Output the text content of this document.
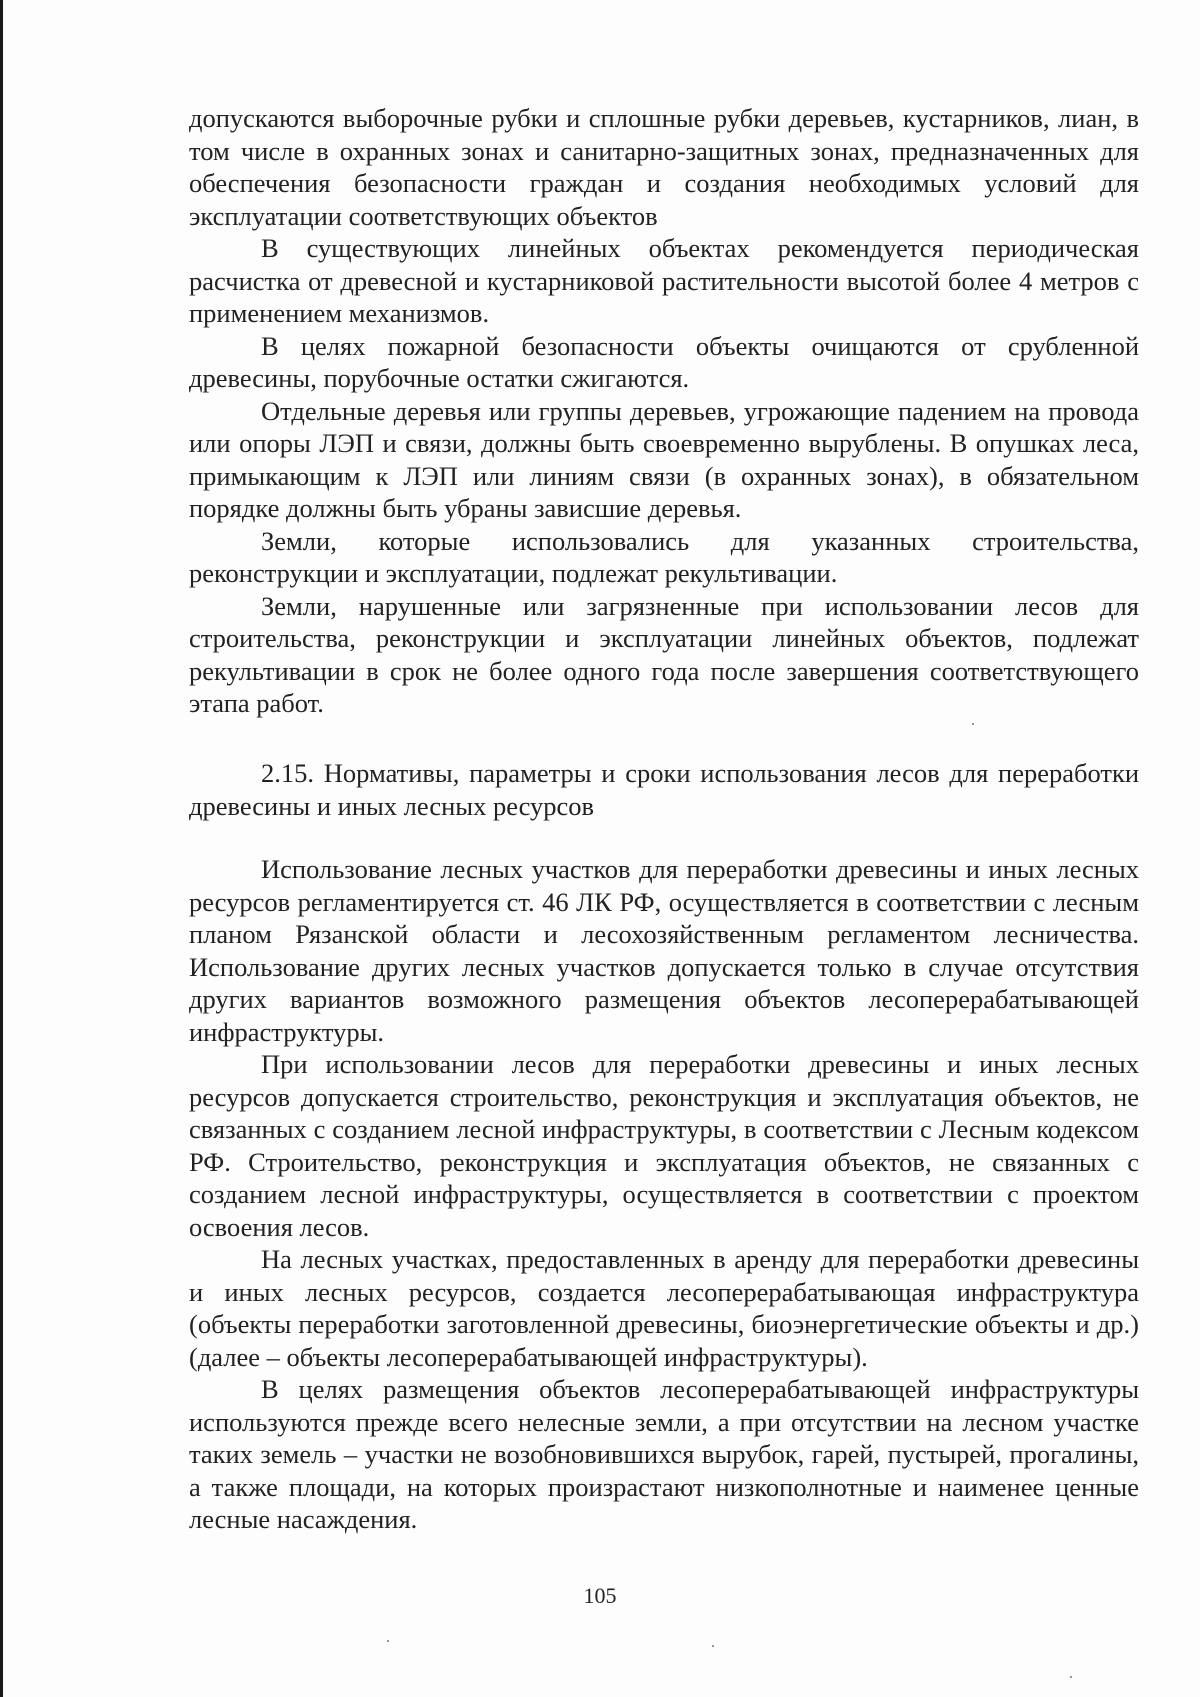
допускаются выборочные рубки и сплошные рубки деревьев, кустарников, лиан, в том числе в охранных зонах и санитарно-защитных зонах, предназначенных для обеспечения безопасности граждан и создания необходимых условий для эксплуатации соответствующих объектов

В существующих линейных объектах рекомендуется периодическая расчистка от древесной и кустарниковой растительности высотой более 4 метров с применением механизмов.

В целях пожарной безопасности объекты очищаются от срубленной древесины, порубочные остатки сжигаются.

Отдельные деревья или группы деревьев, угрожающие падением на провода или опоры ЛЭП и связи, должны быть своевременно вырублены. В опушках леса, примыкающим к ЛЭП или линиям связи (в охранных зонах), в обязательном порядке должны быть убраны зависшие деревья.

Земли, которые использовались для указанных строительства, реконструкции и эксплуатации, подлежат рекультивации.

Земли, нарушенные или загрязненные при использовании лесов для строительства, реконструкции и эксплуатации линейных объектов, подлежат рекультивации в срок не более одного года после завершения соответствующего этапа работ.

2.15. Нормативы, параметры и сроки использования лесов для переработки древесины и иных лесных ресурсов

Использование лесных участков для переработки древесины и иных лесных ресурсов регламентируется ст. 46 ЛК РФ, осуществляется в соответствии с лесным планом Рязанской области и лесохозяйственным регламентом лесничества. Использование других лесных участков допускается только в случае отсутствия других вариантов возможного размещения объектов лесоперерабатывающей инфраструктуры.

При использовании лесов для переработки древесины и иных лесных ресурсов допускается строительство, реконструкция и эксплуатация объектов, не связанных с созданием лесной инфраструктуры, в соответствии с Лесным кодексом РФ. Строительство, реконструкция и эксплуатация объектов, не связанных с созданием лесной инфраструктуры, осуществляется в соответствии с проектом освоения лесов.

На лесных участках, предоставленных в аренду для переработки древесины и иных лесных ресурсов, создается лесоперерабатывающая инфраструктура (объекты переработки заготовленной древесины, биоэнергетические объекты и др.) (далее – объекты лесоперерабатывающей инфраструктуры).

В целях размещения объектов лесоперерабатывающей инфраструктуры используются прежде всего нелесные земли, а при отсутствии на лесном участке таких земель – участки не возобновившихся вырубок, гарей, пустырей, прогалины, а также площади, на которых произрастают низкополнотные и наименее ценные лесные насаждения.

105
